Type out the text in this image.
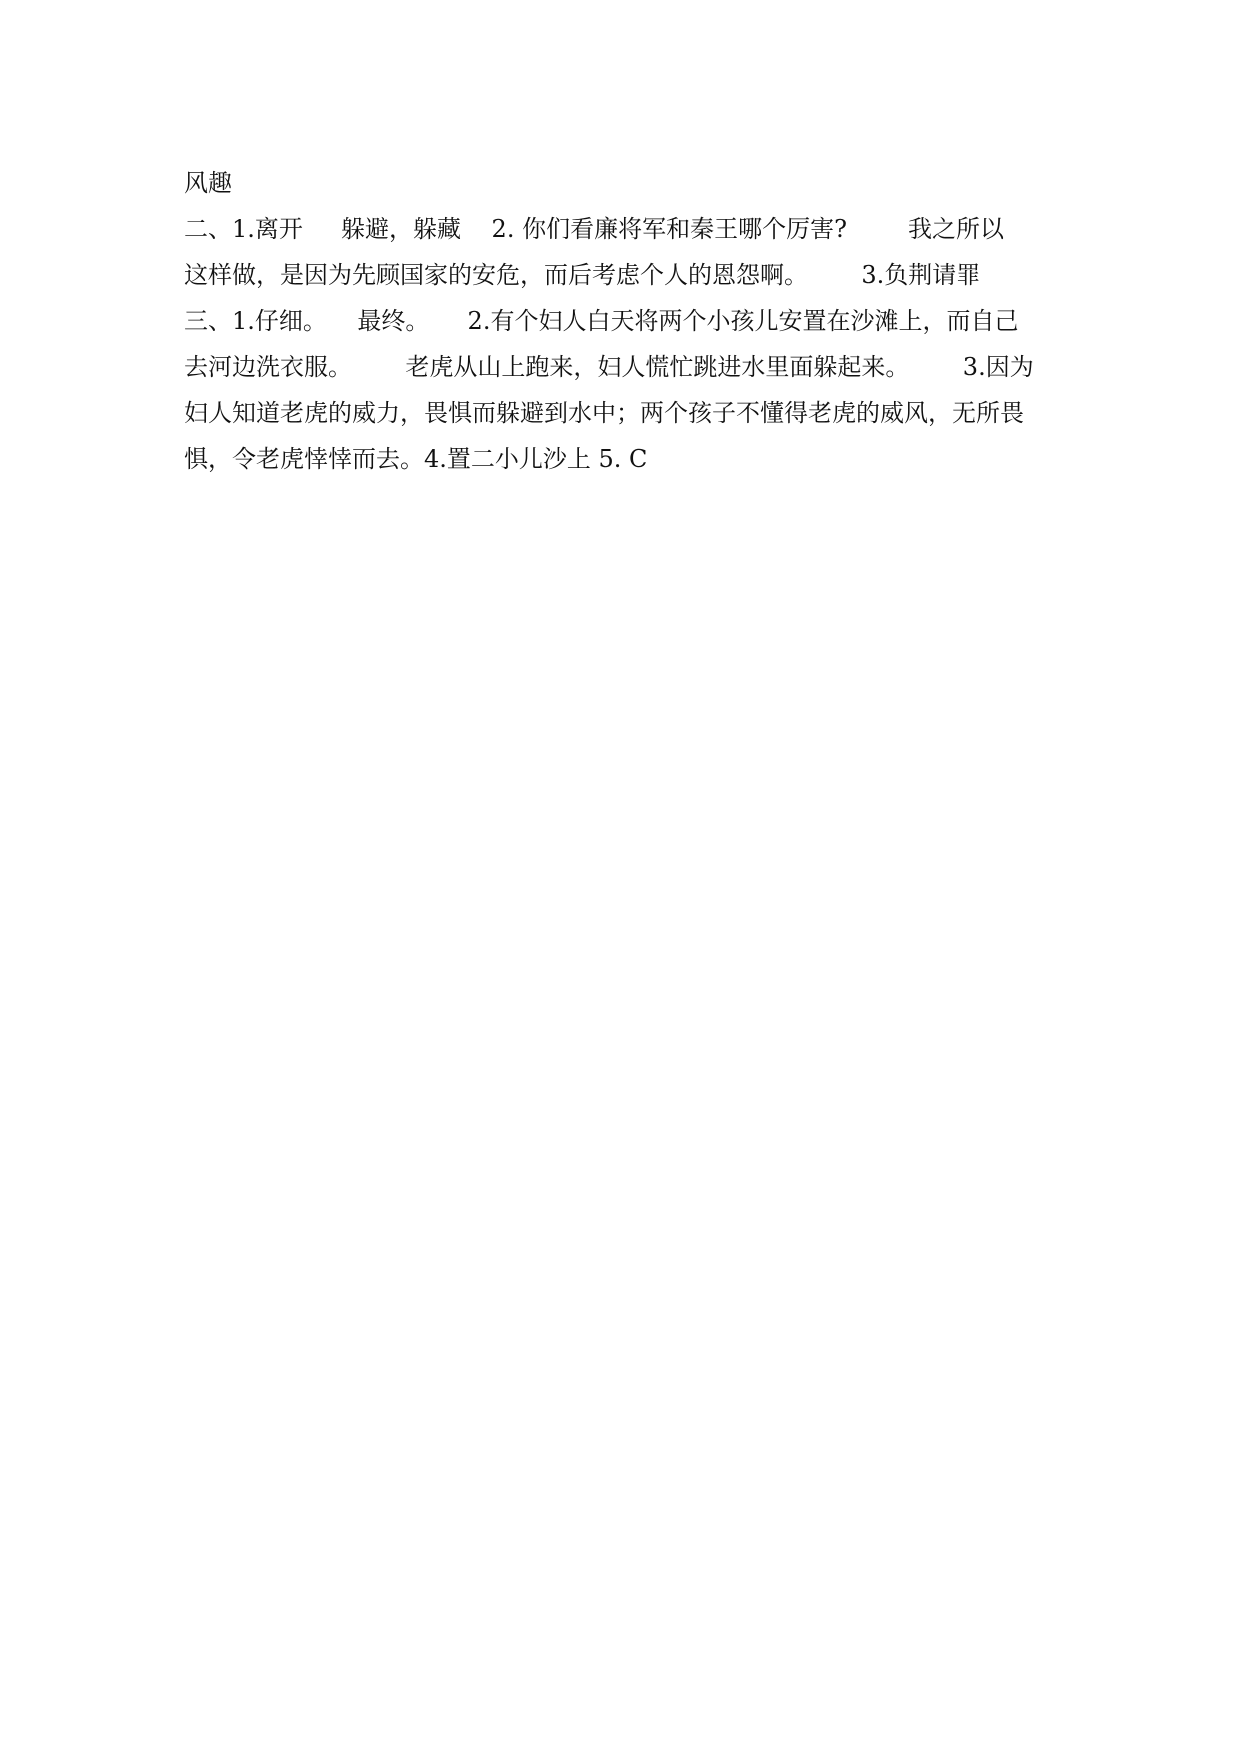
风趣
二、1.离开     躲避，躲藏    2. 你们看廉将军和秦王哪个厉害?        我之所以
这样做，是因为先顾国家的安危，而后考虑个人的恩怨啊。       3.负荆请罪
三、1.仔细。    最终。     2.有个妇人白天将两个小孩儿安置在沙滩上，而自己
去河边洗衣服。       老虎从山上跑来，妇人慌忙跳进水里面躲起来。       3.因为
妇人知道老虎的威力，畏惧而躲避到水中；两个孩子不懂得老虎的威风，无所畏
惧，令老虎悻悻而去。4.置二小儿沙上 5. C
